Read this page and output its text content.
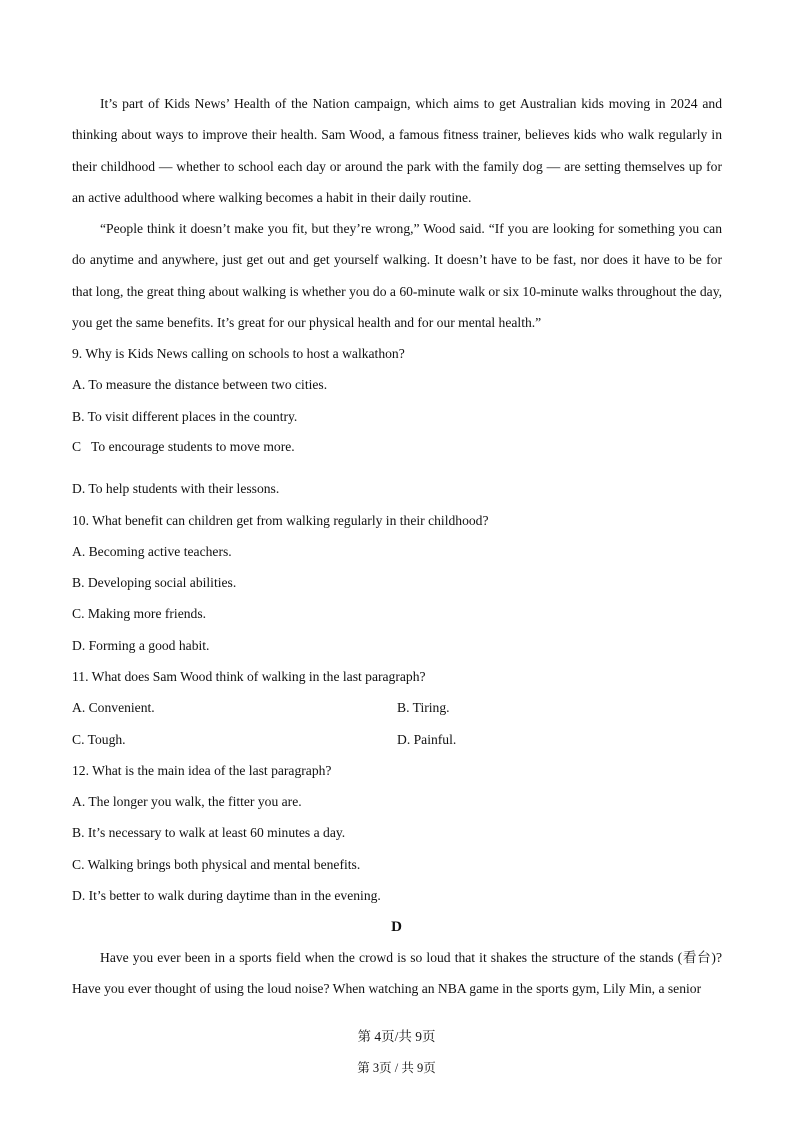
It’s part of Kids News’ Health of the Nation campaign, which aims to get Australian kids moving in 2024 and thinking about ways to improve their health. Sam Wood, a famous fitness trainer, believes kids who walk regularly in their childhood — whether to school each day or around the park with the family dog — are setting themselves up for an active adulthood where walking becomes a habit in their daily routine.

“People think it doesn’t make you fit, but they’re wrong,” Wood said. “If you are looking for something you can do anytime and anywhere, just get out and get yourself walking. It doesn’t have to be fast, nor does it have to be for that long, the great thing about walking is whether you do a 60-minute walk or six 10-minute walks throughout the day, you get the same benefits. It’s great for our physical health and for our mental health.”

9. Why is Kids News calling on schools to host a walkathon?

A. To measure the distance between two cities.

B. To visit different places in the country.

C   To encourage students to move more.

D. To help students with their lessons.

10. What benefit can children get from walking regularly in their childhood?

A. Becoming active teachers.

B. Developing social abilities.

C. Making more friends.

D. Forming a good habit.

11. What does Sam Wood think of walking in the last paragraph?

A. Convenient.	B. Tiring.

C. Tough.	D. Painful.

12. What is the main idea of the last paragraph?

A. The longer you walk, the fitter you are.

B. It’s necessary to walk at least 60 minutes a day.

C. Walking brings both physical and mental benefits.

D. It’s better to walk during daytime than in the evening.

D

Have you ever been in a sports field when the crowd is so loud that it shakes the structure of the stands (看台)? Have you ever thought of using the loud noise? When watching an NBA game in the sports gym, Lily Min, a senior

第 4页/共 9页

第 3页 / 共 9页
